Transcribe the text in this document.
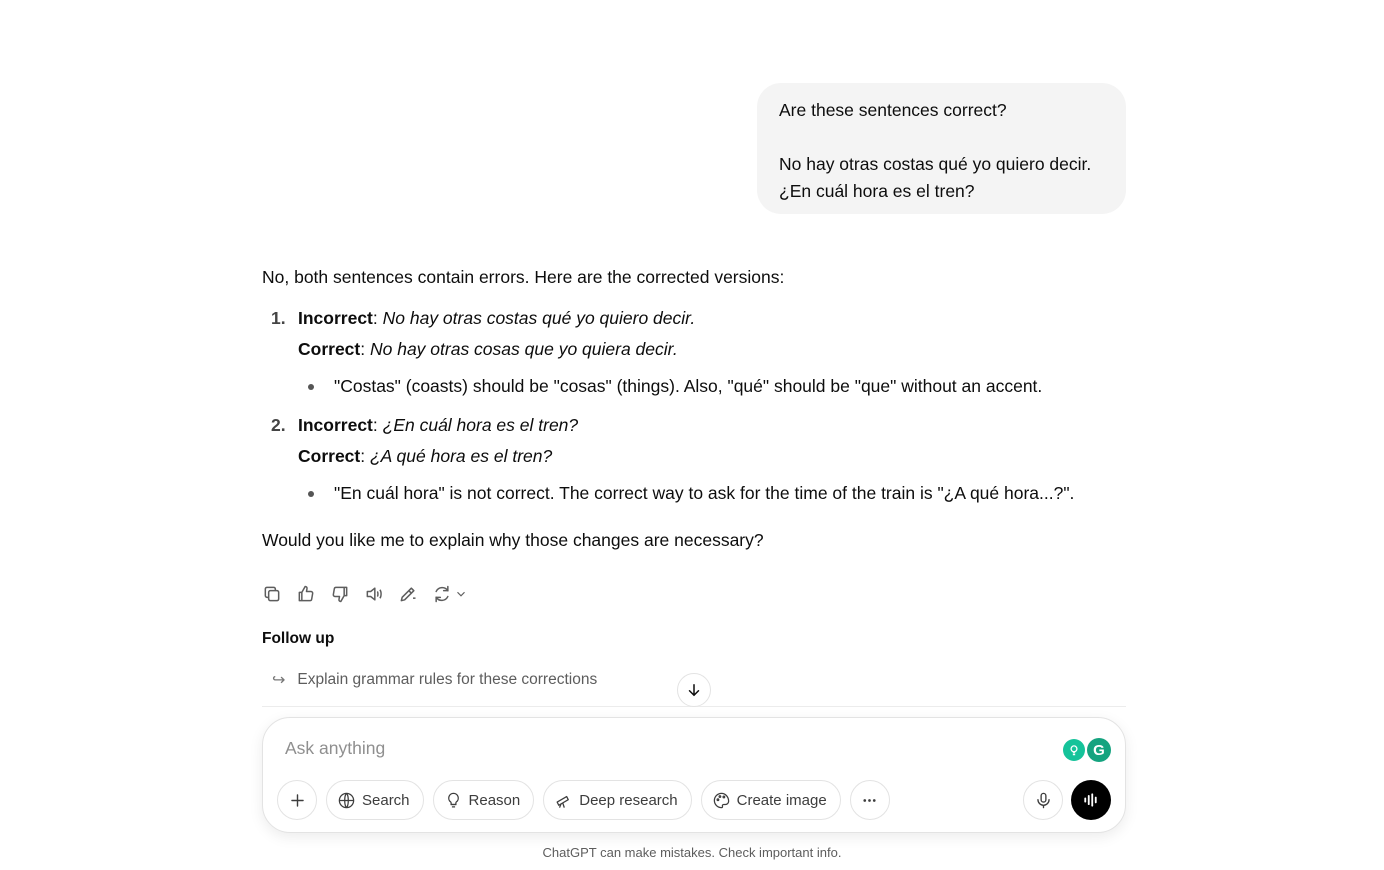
Are these sentences correct?

No hay otras costas qué yo quiero decir.

¿En cuál hora es el tren?

No, both sentences contain errors. Here are the corrected versions:

1. Incorrect: No hay otras costas qué yo quiero decir.
Correct: No hay otras cosas que yo quiera decir.
"Costas" (coasts) should be "cosas" (things). Also, "qué" should be "que" without an accent.
2. Incorrect: ¿En cuál hora es el tren?
Correct: ¿A qué hora es el tren?
"En cuál hora" is not correct. The correct way to ask for the time of the train is "¿A qué hora...?".

Would you like me to explain why those changes are necessary?

Follow up
↪ Explain grammar rules for these corrections
Ask anything	G
Search	Reason	Deep research	Create image
ChatGPT can make mistakes. Check important info.
